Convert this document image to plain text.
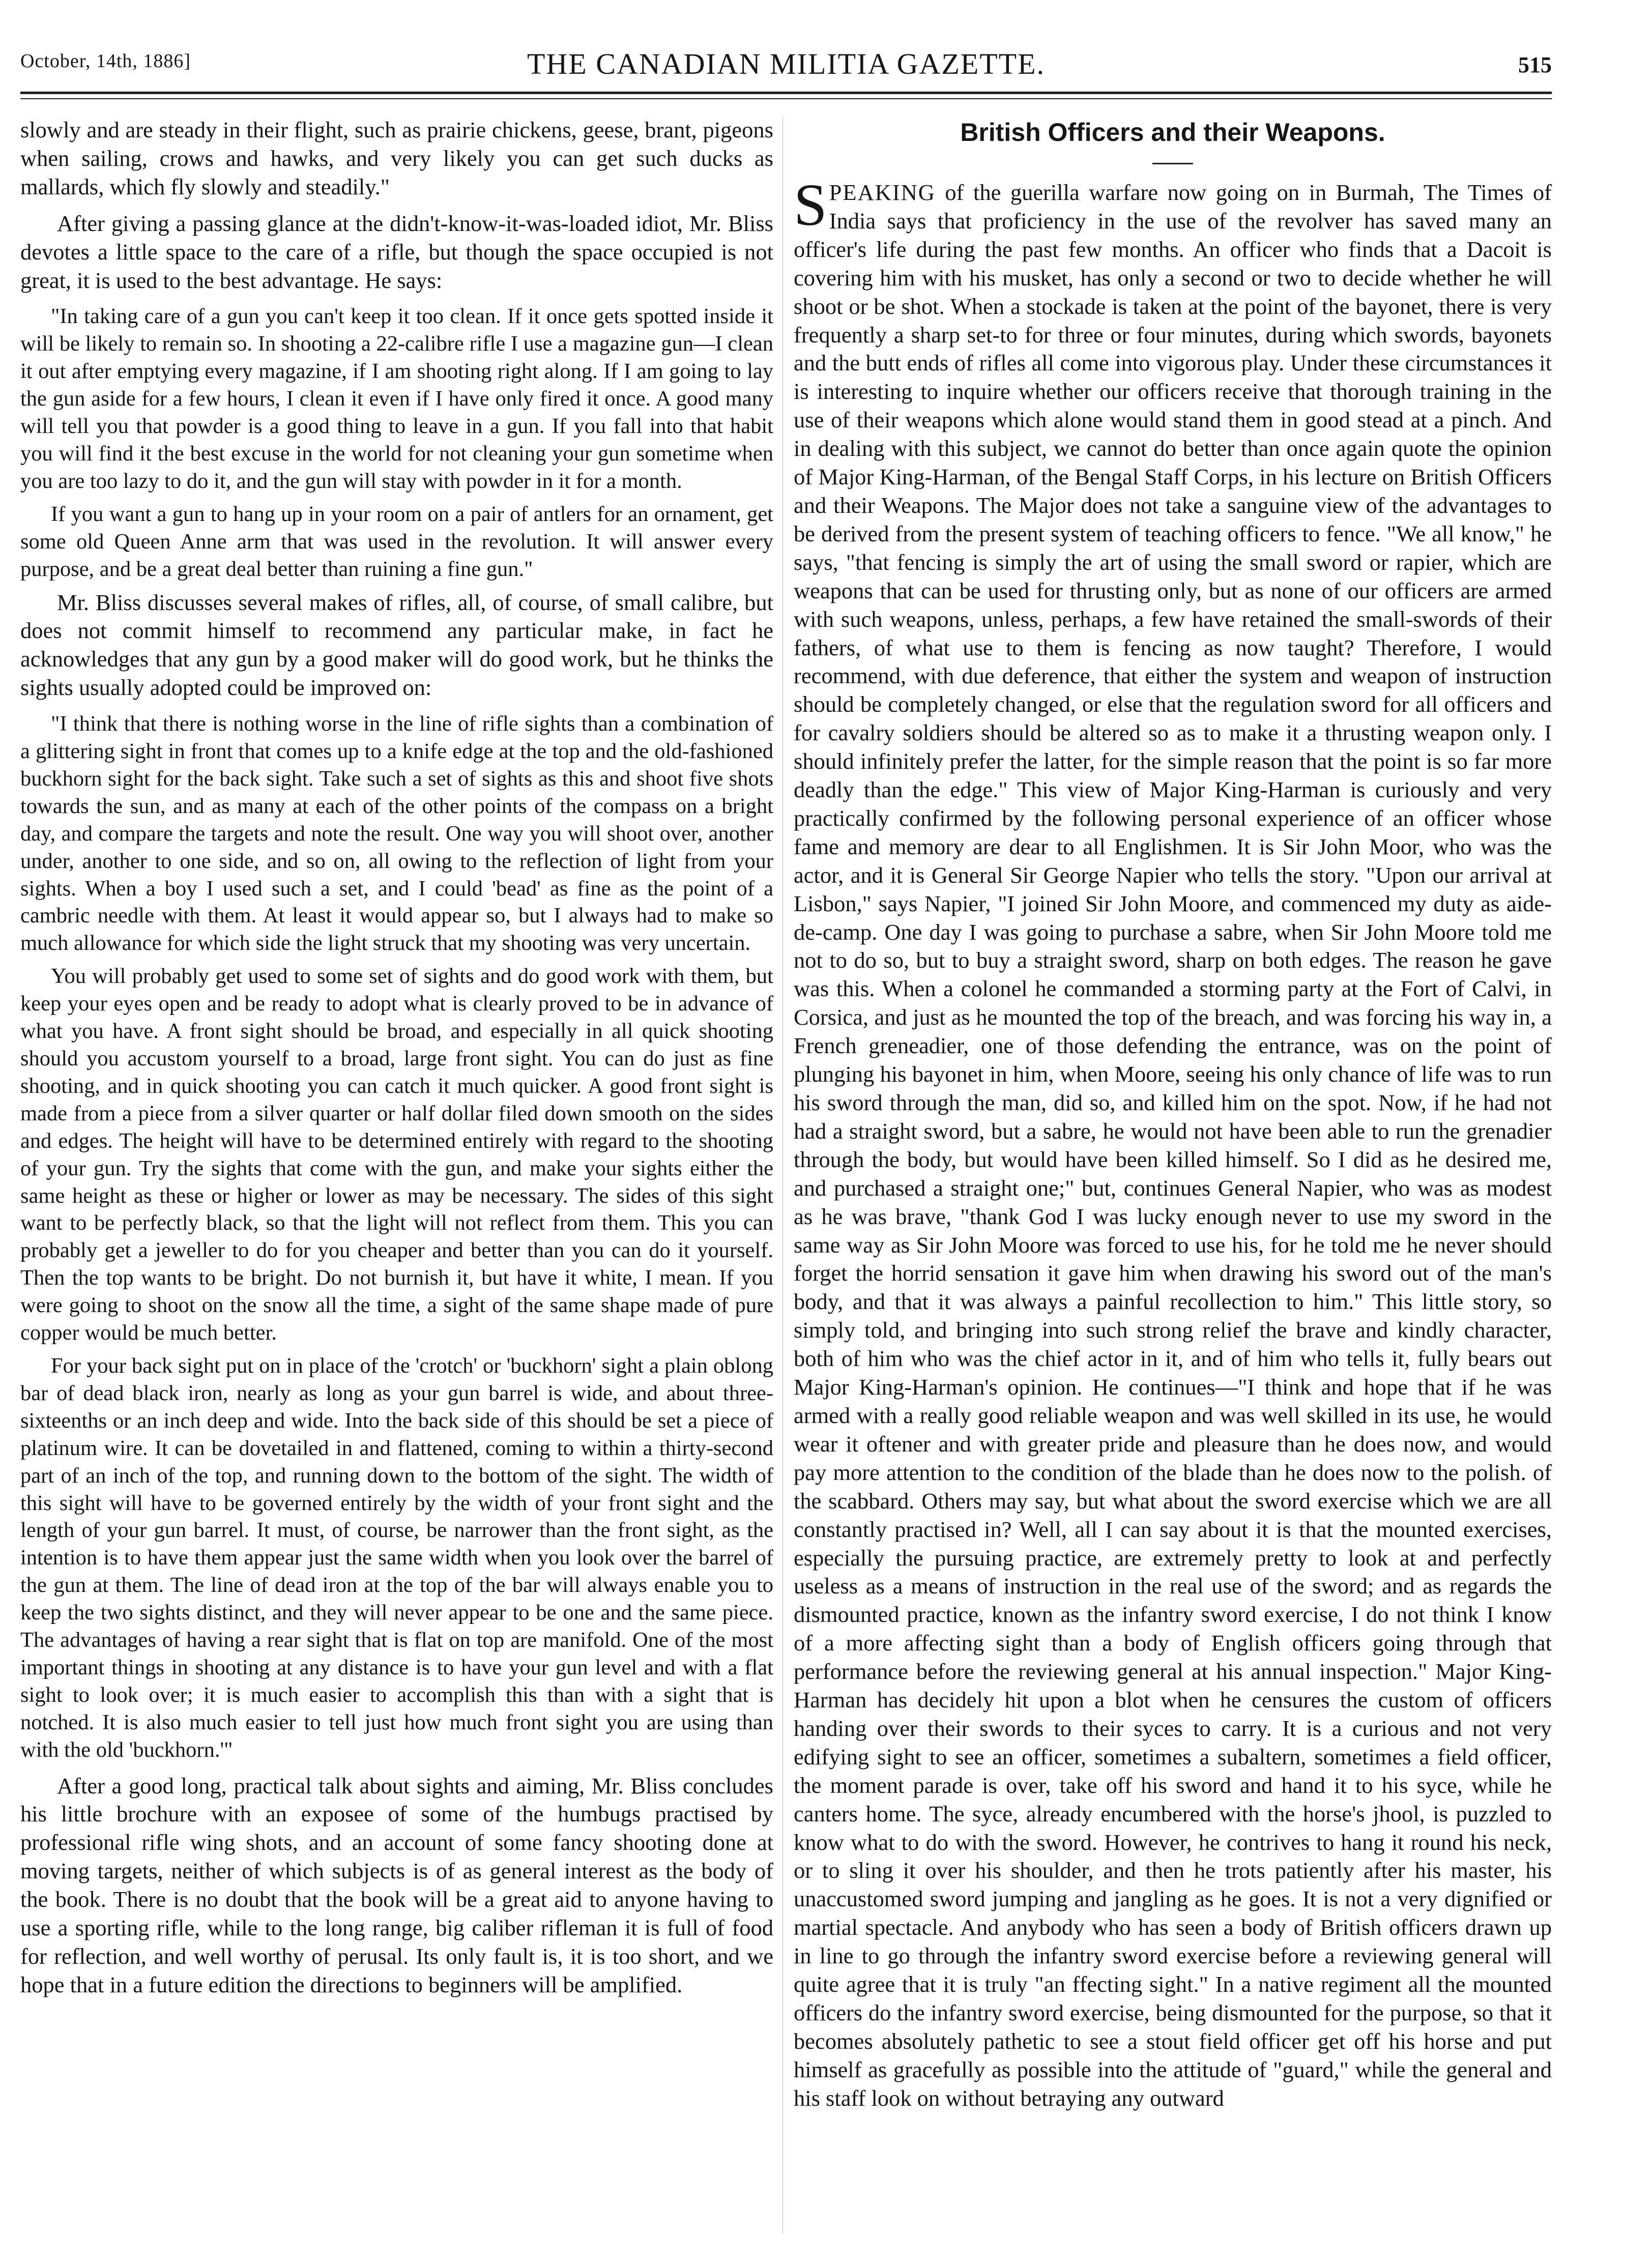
October, 14th, 1886]	THE CANADIAN MILITIA GAZETTE.	515

slowly and are steady in their flight, such as prairie chickens, geese, brant, pigeons when sailing, crows and hawks, and very likely you can get such ducks as mallards, which fly slowly and steadily."

After giving a passing glance at the didn't-know-it-was-loaded idiot, Mr. Bliss devotes a little space to the care of a rifle, but though the space occupied is not great, it is used to the best advantage. He says:

"In taking care of a gun you can't keep it too clean. If it once gets spotted inside it will be likely to remain so. In shooting a 22-calibre rifle I use a magazine gun—I clean it out after emptying every magazine, if I am shooting right along. If I am going to lay the gun aside for a few hours, I clean it even if I have only fired it once. A good many will tell you that powder is a good thing to leave in a gun. If you fall into that habit you will find it the best excuse in the world for not cleaning your gun sometime when you are too lazy to do it, and the gun will stay with powder in it for a month.

If you want a gun to hang up in your room on a pair of antlers for an ornament, get some old Queen Anne arm that was used in the revolution. It will answer every purpose, and be a great deal better than ruining a fine gun."

Mr. Bliss discusses several makes of rifles, all, of course, of small calibre, but does not commit himself to recommend any particular make, in fact he acknowledges that any gun by a good maker will do good work, but he thinks the sights usually adopted could be improved on:

"I think that there is nothing worse in the line of rifle sights than a combination of a glittering sight in front that comes up to a knife edge at the top and the old-fashioned buckhorn sight for the back sight. Take such a set of sights as this and shoot five shots towards the sun, and as many at each of the other points of the compass on a bright day, and compare the targets and note the result. One way you will shoot over, another under, another to one side, and so on, all owing to the reflection of light from your sights. When a boy I used such a set, and I could 'bead' as fine as the point of a cambric needle with them. At least it would appear so, but I always had to make so much allowance for which side the light struck that my shooting was very uncertain.

You will probably get used to some set of sights and do good work with them, but keep your eyes open and be ready to adopt what is clearly proved to be in advance of what you have. A front sight should be broad, and especially in all quick shooting should you accustom yourself to a broad, large front sight. You can do just as fine shooting, and in quick shooting you can catch it much quicker. A good front sight is made from a piece from a silver quarter or half dollar filed down smooth on the sides and edges. The height will have to be determined entirely with regard to the shooting of your gun. Try the sights that come with the gun, and make your sights either the same height as these or higher or lower as may be necessary. The sides of this sight want to be perfectly black, so that the light will not reflect from them. This you can probably get a jeweller to do for you cheaper and better than you can do it yourself. Then the top wants to be bright. Do not burnish it, but have it white, I mean. If you were going to shoot on the snow all the time, a sight of the same shape made of pure copper would be much better.

For your back sight put on in place of the 'crotch' or 'buckhorn' sight a plain oblong bar of dead black iron, nearly as long as your gun barrel is wide, and about three-sixteenths or an inch deep and wide. Into the back side of this should be set a piece of platinum wire. It can be dovetailed in and flattened, coming to within a thirty-second part of an inch of the top, and running down to the bottom of the sight. The width of this sight will have to be governed entirely by the width of your front sight and the length of your gun barrel. It must, of course, be narrower than the front sight, as the intention is to have them appear just the same width when you look over the barrel of the gun at them. The line of dead iron at the top of the bar will always enable you to keep the two sights distinct, and they will never appear to be one and the same piece. The advantages of having a rear sight that is flat on top are manifold. One of the most important things in shooting at any distance is to have your gun level and with a flat sight to look over; it is much easier to accomplish this than with a sight that is notched. It is also much easier to tell just how much front sight you are using than with the old 'buckhorn.'"

After a good long, practical talk about sights and aiming, Mr. Bliss concludes his little brochure with an exposee of some of the humbugs practised by professional rifle wing shots, and an account of some fancy shooting done at moving targets, neither of which subjects is of as general interest as the body of the book. There is no doubt that the book will be a great aid to anyone having to use a sporting rifle, while to the long range, big caliber rifleman it is full of food for reflection, and well worthy of perusal. Its only fault is, it is too short, and we hope that in a future edition the directions to beginners will be amplified.

British Officers and their Weapons.

SPEAKING of the guerilla warfare now going on in Burmah, The Times of India says that proficiency in the use of the revolver has saved many an officer's life during the past few months. An officer who finds that a Dacoit is covering him with his musket, has only a second or two to decide whether he will shoot or be shot. When a stockade is taken at the point of the bayonet, there is very frequently a sharp set-to for three or four minutes, during which swords, bayonets and the butt ends of rifles all come into vigorous play. Under these circumstances it is interesting to inquire whether our officers receive that thorough training in the use of their weapons which alone would stand them in good stead at a pinch. And in dealing with this subject, we cannot do better than once again quote the opinion of Major King-Harman, of the Bengal Staff Corps, in his lecture on British Officers and their Weapons. The Major does not take a sanguine view of the advantages to be derived from the present system of teaching officers to fence. "We all know," he says, "that fencing is simply the art of using the small sword or rapier, which are weapons that can be used for thrusting only, but as none of our officers are armed with such weapons, unless, perhaps, a few have retained the small-swords of their fathers, of what use to them is fencing as now taught? Therefore, I would recommend, with due deference, that either the system and weapon of instruction should be completely changed, or else that the regulation sword for all officers and for cavalry soldiers should be altered so as to make it a thrusting weapon only. I should infinitely prefer the latter, for the simple reason that the point is so far more deadly than the edge." This view of Major King-Harman is curiously and very practically confirmed by the following personal experience of an officer whose fame and memory are dear to all Englishmen. It is Sir John Moor, who was the actor, and it is General Sir George Napier who tells the story. "Upon our arrival at Lisbon," says Napier, "I joined Sir John Moore, and commenced my duty as aide-de-camp. One day I was going to purchase a sabre, when Sir John Moore told me not to do so, but to buy a straight sword, sharp on both edges. The reason he gave was this. When a colonel he commanded a storming party at the Fort of Calvi, in Corsica, and just as he mounted the top of the breach, and was forcing his way in, a French greneadier, one of those defending the entrance, was on the point of plunging his bayonet in him, when Moore, seeing his only chance of life was to run his sword through the man, did so, and killed him on the spot. Now, if he had not had a straight sword, but a sabre, he would not have been able to run the grenadier through the body, but would have been killed himself. So I did as he desired me, and purchased a straight one;" but, continues General Napier, who was as modest as he was brave, "thank God I was lucky enough never to use my sword in the same way as Sir John Moore was forced to use his, for he told me he never should forget the horrid sensation it gave him when drawing his sword out of the man's body, and that it was always a painful recollection to him." This little story, so simply told, and bringing into such strong relief the brave and kindly character, both of him who was the chief actor in it, and of him who tells it, fully bears out Major King-Harman's opinion. He continues—"I think and hope that if he was armed with a really good reliable weapon and was well skilled in its use, he would wear it oftener and with greater pride and pleasure than he does now, and would pay more attention to the condition of the blade than he does now to the polish. of the scabbard. Others may say, but what about the sword exercise which we are all constantly practised in? Well, all I can say about it is that the mounted exercises, especially the pursuing practice, are extremely pretty to look at and perfectly useless as a means of instruction in the real use of the sword; and as regards the dismounted practice, known as the infantry sword exercise, I do not think I know of a more affecting sight than a body of English officers going through that performance before the reviewing general at his annual inspection." Major King-Harman has decidely hit upon a blot when he censures the custom of officers handing over their swords to their syces to carry. It is a curious and not very edifying sight to see an officer, sometimes a subaltern, sometimes a field officer, the moment parade is over, take off his sword and hand it to his syce, while he canters home. The syce, already encumbered with the horse's jhool, is puzzled to know what to do with the sword. However, he contrives to hang it round his neck, or to sling it over his shoulder, and then he trots patiently after his master, his unaccustomed sword jumping and jangling as he goes. It is not a very dignified or martial spectacle. And anybody who has seen a body of British officers drawn up in line to go through the infantry sword exercise before a reviewing general will quite agree that it is truly "an ffecting sight." In a native regiment all the mounted officers do the infantry sword exercise, being dismounted for the purpose, so that it becomes absolutely pathetic to see a stout field officer get off his horse and put himself as gracefully as possible into the attitude of "guard," while the general and his staff look on without betraying any outward
